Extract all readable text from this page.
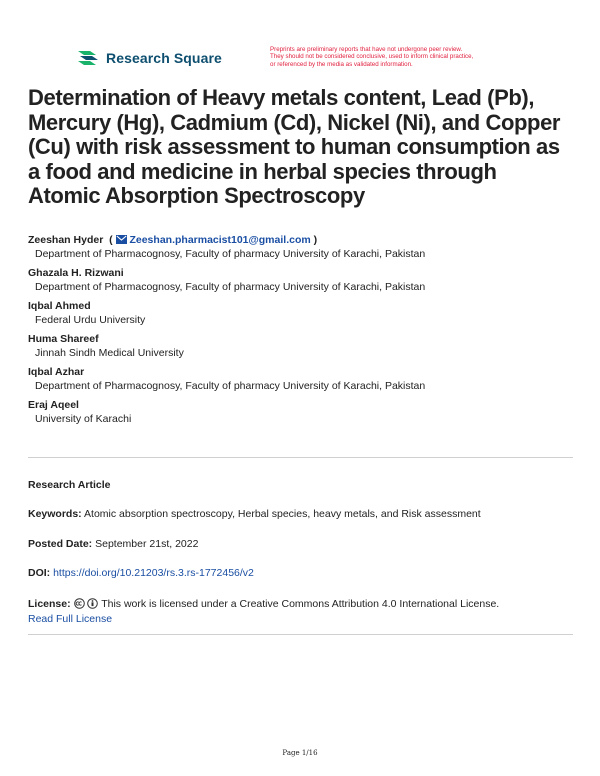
Research Square
Preprints are preliminary reports that have not undergone peer review.
They should not be considered conclusive, used to inform clinical practice,
or referenced by the media as validated information.
Determination of Heavy metals content, Lead (Pb), Mercury (Hg), Cadmium (Cd), Nickel (Ni), and Copper (Cu) with risk assessment to human consumption as a food and medicine in herbal species through Atomic Absorption Spectroscopy
Zeeshan Hyder  ( Zeeshan.pharmacist101@gmail.com )
Department of Pharmacognosy, Faculty of pharmacy University of Karachi, Pakistan
Ghazala H. Rizwani
Department of Pharmacognosy, Faculty of pharmacy University of Karachi, Pakistan
Iqbal Ahmed
Federal Urdu University
Huma Shareef
Jinnah Sindh Medical University
Iqbal Azhar
Department of Pharmacognosy, Faculty of pharmacy University of Karachi, Pakistan
Eraj Aqeel
University of Karachi
Research Article
Keywords: Atomic absorption spectroscopy, Herbal species, heavy metals, and Risk assessment
Posted Date: September 21st, 2022
DOI: https://doi.org/10.21203/rs.3.rs-1772456/v2
License:	This work is licensed under a Creative Commons Attribution 4.0 International License.
Read Full License
Page 1/16
